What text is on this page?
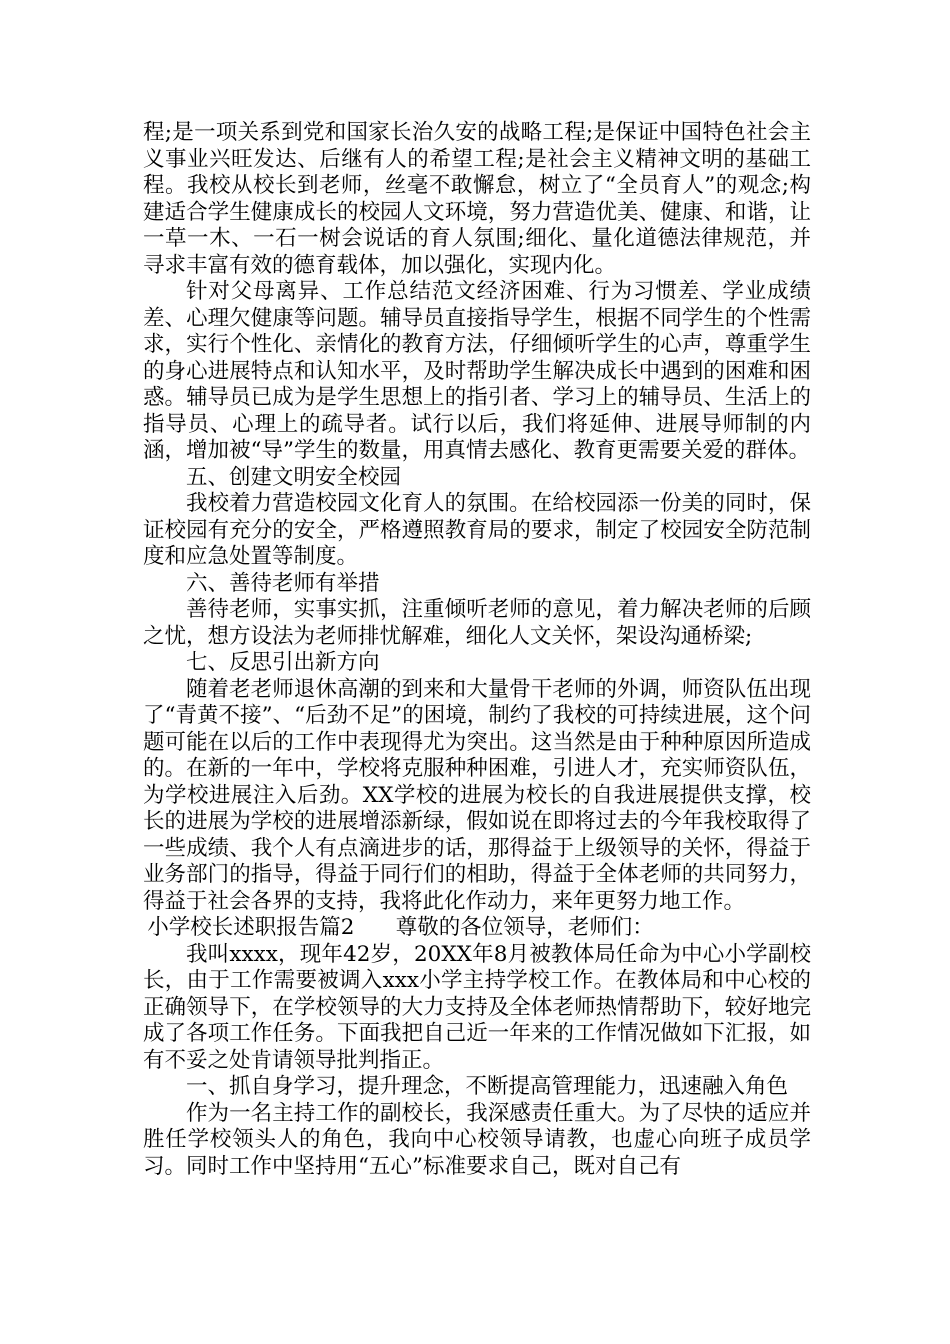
程;是一项关系到党和国家长治久安的战略工程;是保证中国特色社会主义事业兴旺发达、后继有人的希望工程;是社会主义精神文明的基础工程。我校从校长到老师，丝毫不敢懈怠，树立了“全员育人”的观念;构建适合学生健康成长的校园人文环境，努力营造优美、健康、和谐，让一草一木、一石一树会说话的育人氛围;细化、量化道德法律规范，并寻求丰富有效的德育载体，加以强化，实现内化。

针对父母离异、工作总结范文经济困难、行为习惯差、学业成绩差、心理欠健康等问题。辅导员直接指导学生，根据不同学生的个性需求，实行个性化、亲情化的教育方法，仔细倾听学生的心声，尊重学生的身心进展特点和认知水平，及时帮助学生解决成长中遇到的困难和困惑。辅导员已成为是学生思想上的指引者、学习上的辅导员、生活上的指导员、心理上的疏导者。试行以后，我们将延伸、进展导师制的内涵，增加被“导”学生的数量，用真情去感化、教育更需要关爱的群体。

五、创建文明安全校园

我校着力营造校园文化育人的氛围。在给校园添一份美的同时，保证校园有充分的安全，严格遵照教育局的要求，制定了校园安全防范制度和应急处置等制度。

六、善待老师有举措

善待老师，实事实抓，注重倾听老师的意见，着力解决老师的后顾之忧，想方设法为老师排忧解难，细化人文关怀，架设沟通桥梁;

七、反思引出新方向

随着老老师退休高潮的到来和大量骨干老师的外调，师资队伍出现了“青黄不接”、“后劲不足”的困境，制约了我校的可持续进展，这个问题可能在以后的工作中表现得尤为突出。这当然是由于种种原因所造成的。在新的一年中，学校将克服种种困难，引进人才，充实师资队伍，为学校进展注入后劲。XX学校的进展为校长的自我进展提供支撑，校长的进展为学校的进展增添新绿，假如说在即将过去的今年我校取得了一些成绩、我个人有点滴进步的话，那得益于上级领导的关怀，得益于业务部门的指导，得益于同行们的相助，得益于全体老师的共同努力，得益于社会各界的支持，我将此化作动力，来年更努力地工作。

小学校长述职报告篇2 尊敬的各位领导，老师们：

我叫xxxx，现年42岁，20XX年8月被教体局任命为中心小学副校长，由于工作需要被调入xxx小学主持学校工作。在教体局和中心校的正确领导下，在学校领导的大力支持及全体老师热情帮助下，较好地完成了各项工作任务。下面我把自己近一年来的工作情况做如下汇报，如有不妥之处肯请领导批判指正。

一、抓自身学习，提升理念，不断提高管理能力，迅速融入角色

作为一名主持工作的副校长，我深感责任重大。为了尽快的适应并胜任学校领头人的角色，我向中心校领导请教，也虚心向班子成员学习。同时工作中坚持用“五心”标准要求自己，既对自己有
